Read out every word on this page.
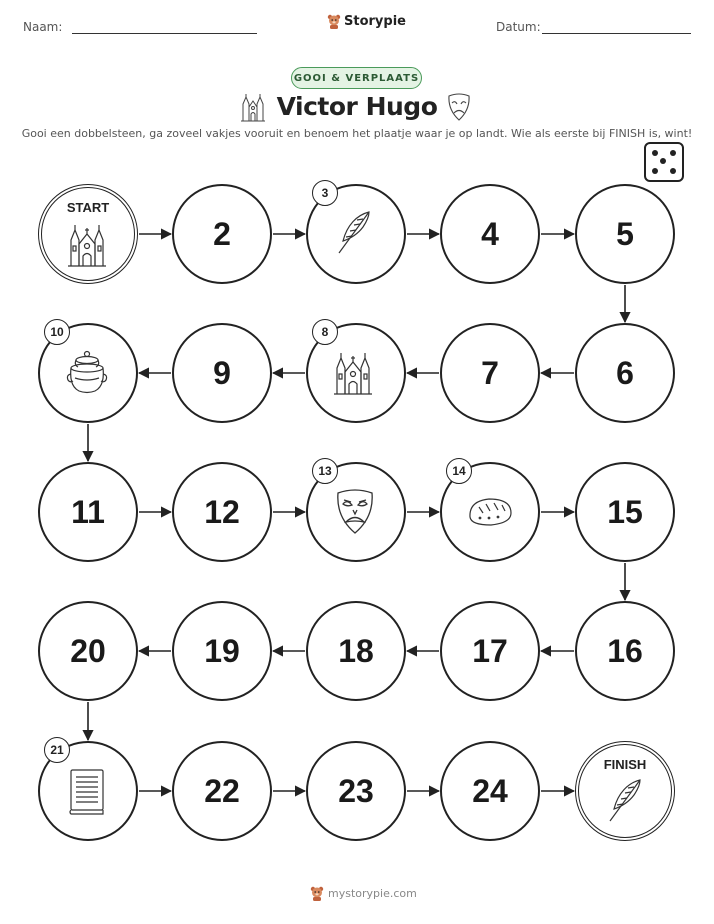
Naam:	Storypie	Datum:
GOOI & VERPLAATS
Victor Hugo
Gooi een dobbelsteen, ga zoveel vakjes vooruit en benoem het plaatje waar je op landt. Wie als eerste bij FINISH is, wint!
START
2
3
4	5
6
7
8
9
10
11	12
13	14
15
16
17
18
19
20
21
22	23	24
FINISH
mystorypie.com
